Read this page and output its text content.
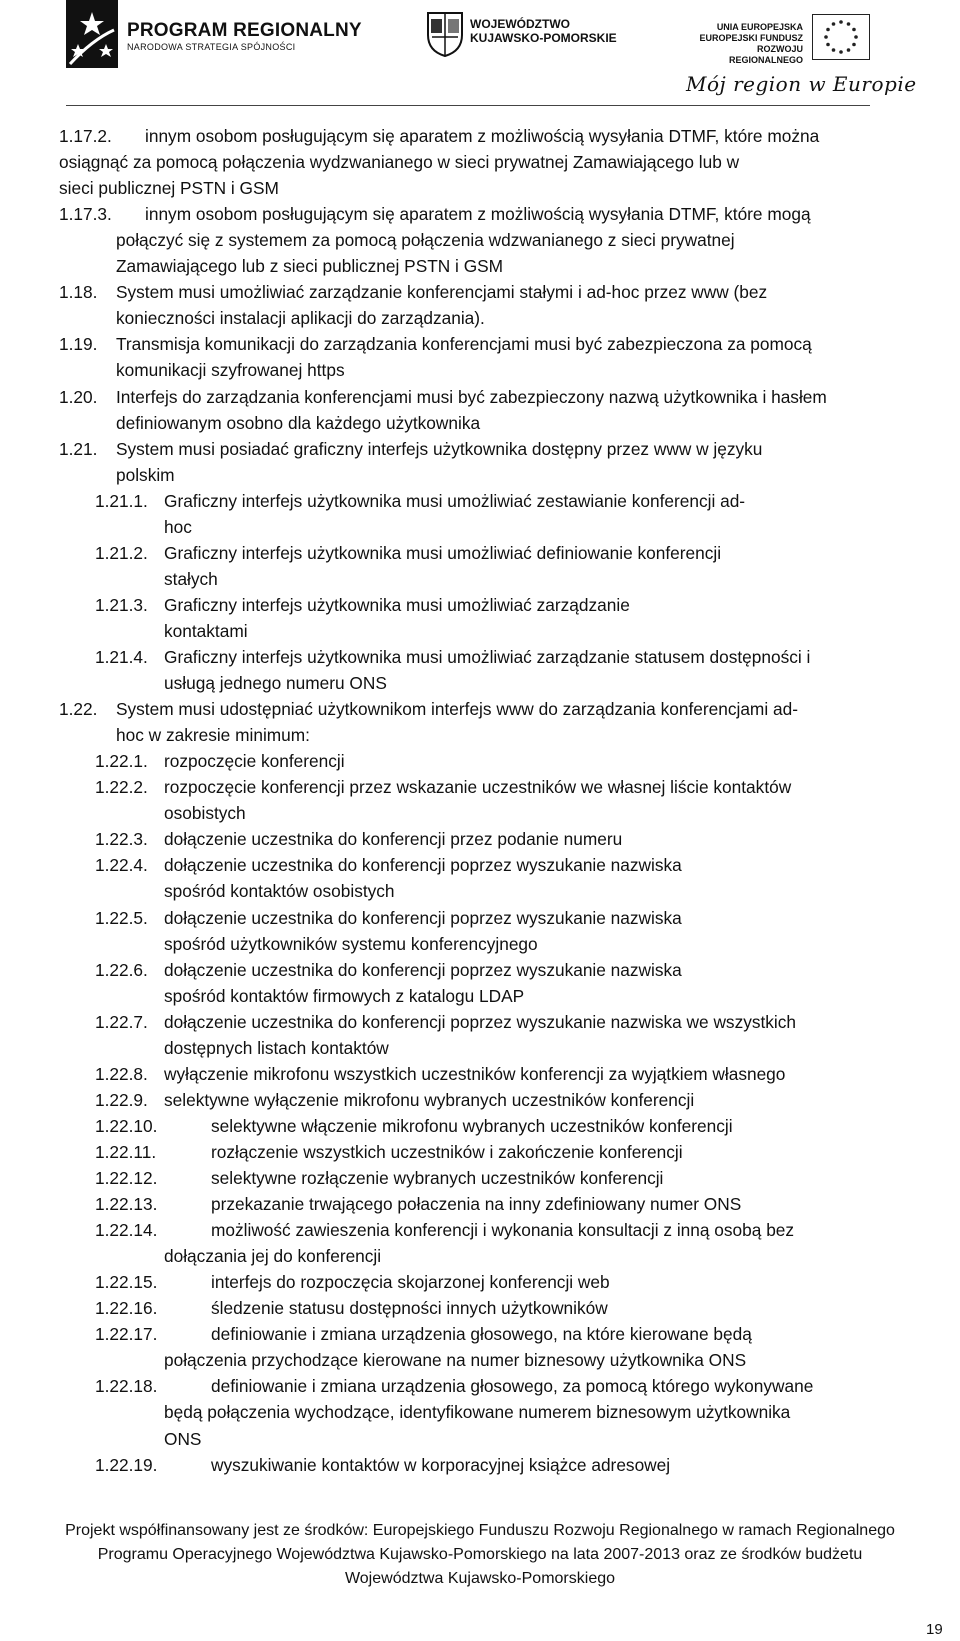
PROGRAM REGIONALNY
NARODOWA STRATEGIA SPÓJNOŚCI
WOJEWÓDZTWO
KUJAWSKO-POMORSKIE
UNIA EUROPEJSKA
EUROPEJSKI FUNDUSZ
ROZWOJU REGIONALNEGO
Mój region w Europie
1.17.2. innym osobom posługującym się aparatem z możliwością wysyłania DTMF, które można
osiągnąć za pomocą połączenia wydzwanianego w sieci prywatnej Zamawiającego lub w
sieci publicznej PSTN i GSM
1.17.3. innym osobom posługującym się aparatem z możliwością wysyłania DTMF, które mogą
połączyć się z systemem za pomocą połączenia wdzwanianego z sieci prywatnej
Zamawiającego lub z sieci publicznej PSTN i GSM
1.18. System musi umożliwiać zarządzanie konferencjami stałymi i ad-hoc przez www (bez
konieczności instalacji aplikacji do zarządzania).
1.19. Transmisja komunikacji do zarządzania konferencjami musi być zabezpieczona za pomocą
komunikacji szyfrowanej https
1.20. Interfejs do zarządzania konferencjami musi być zabezpieczony nazwą użytkownika i hasłem
definiowanym osobno dla każdego użytkownika
1.21. System musi posiadać graficzny interfejs użytkownika dostępny przez www w języku
polskim
1.21.1. Graficzny interfejs użytkownika musi umożliwiać zestawianie konferencji ad-
hoc
1.21.2. Graficzny interfejs użytkownika musi umożliwiać definiowanie konferencji
stałych
1.21.3. Graficzny interfejs użytkownika musi umożliwiać zarządzanie
kontaktami
1.21.4. Graficzny interfejs użytkownika musi umożliwiać zarządzanie statusem dostępności i
usługą jednego numeru ONS
1.22. System musi udostępniać użytkownikom interfejs www do zarządzania konferencjami ad-
hoc w zakresie minimum:
1.22.1. rozpoczęcie konferencji
1.22.2. rozpoczęcie konferencji przez wskazanie uczestników we własnej liście kontaktów
osobistych
1.22.3. dołączenie uczestnika do konferencji przez podanie numeru
1.22.4. dołączenie uczestnika do konferencji poprzez wyszukanie nazwiska
spośród kontaktów osobistych
1.22.5. dołączenie uczestnika do konferencji poprzez wyszukanie nazwiska
spośród użytkowników systemu konferencyjnego
1.22.6. dołączenie uczestnika do konferencji poprzez wyszukanie nazwiska
spośród kontaktów firmowych z katalogu LDAP
1.22.7. dołączenie uczestnika do konferencji poprzez wyszukanie nazwiska we wszystkich
dostępnych listach kontaktów
1.22.8. wyłączenie mikrofonu wszystkich uczestników konferencji za wyjątkiem własnego
1.22.9. selektywne wyłączenie mikrofonu wybranych uczestników konferencji
1.22.10.	selektywne włączenie mikrofonu wybranych uczestników konferencji
1.22.11.	rozłączenie wszystkich uczestników i zakończenie konferencji
1.22.12.	selektywne rozłączenie wybranych uczestników konferencji
1.22.13.	przekazanie trwającego połaczenia na inny zdefiniowany numer ONS
1.22.14.	możliwość zawieszenia konferencji i wykonania konsultacji z inną osobą bez
dołączania jej do konferencji
1.22.15.	interfejs do rozpoczęcia skojarzonej konferencji web
1.22.16.	śledzenie statusu dostępności innych użytkowników
1.22.17.	definiowanie i zmiana urządzenia głosowego, na które kierowane będą
połączenia przychodzące kierowane na numer biznesowy użytkownika ONS
1.22.18.	definiowanie i zmiana urządzenia głosowego, za pomocą którego wykonywane
będą połączenia wychodzące, identyfikowane numerem biznesowym użytkownika
ONS
1.22.19.	wyszukiwanie kontaktów w korporacyjnej książce adresowej
Projekt współfinansowany jest ze środków: Europejskiego Funduszu Rozwoju Regionalnego w ramach Regionalnego
Programu Operacyjnego Województwa Kujawsko-Pomorskiego na lata 2007-2013 oraz ze środków budżetu
Województwa Kujawsko-Pomorskiego
19
